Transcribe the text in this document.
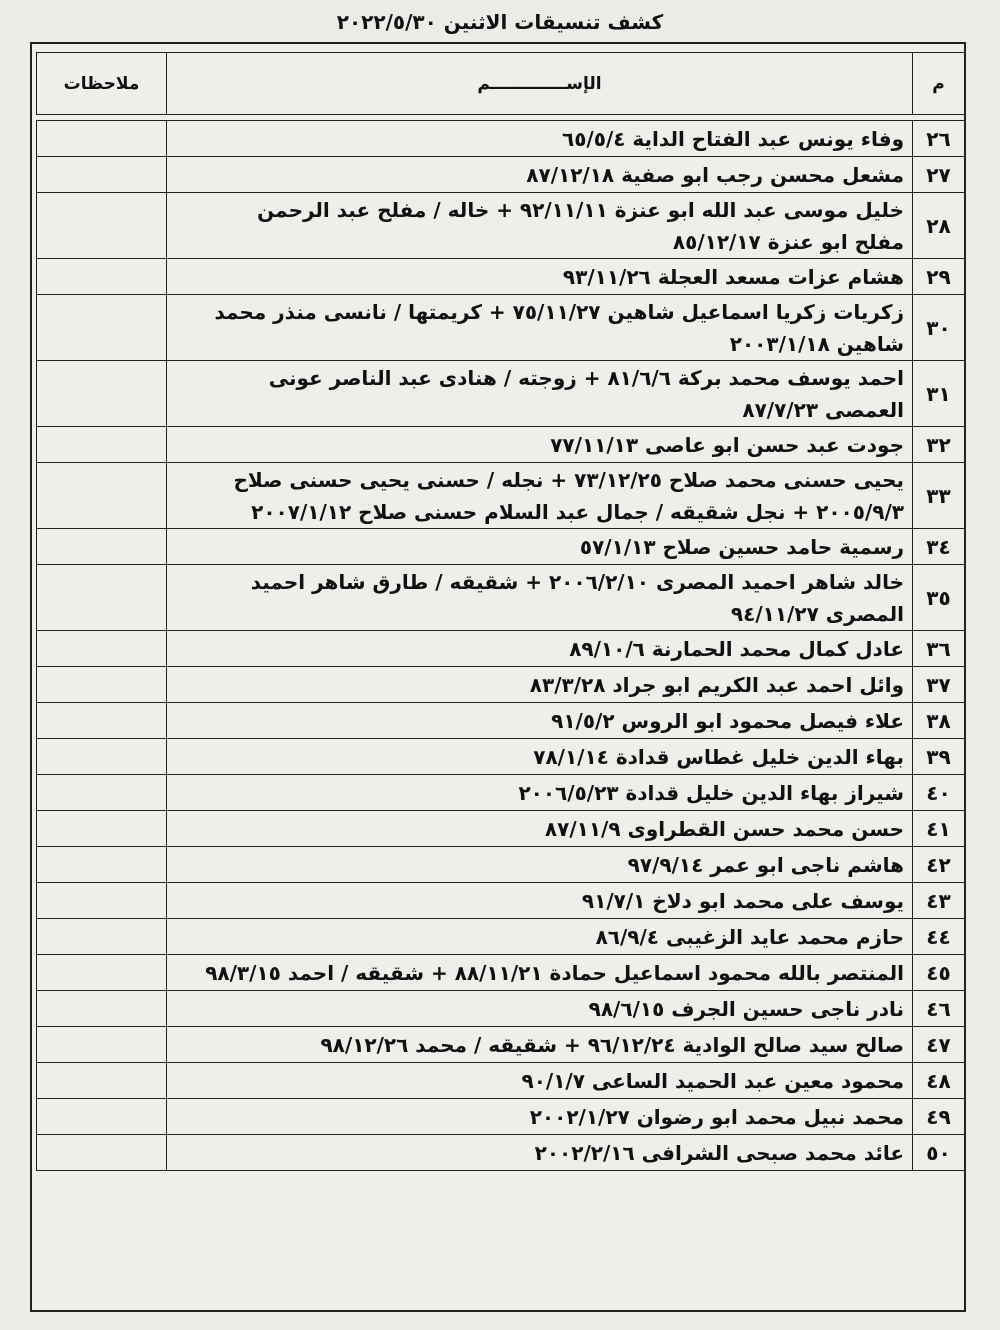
كشف تنسيقات الاثنين ٢٠٢٢/٥/٣٠
م	الإســـــــــــــم	ملاحظات

٢٦	وفاء يونس عبد الفتاح الداية ٦٥/٥/٤	

٢٧	مشعل محسن رجب ابو صفية ٨٧/١٢/١٨	

٢٨	خليل موسى عبد الله ابو عنزة ٩٢/١١/١١ + خاله / مفلح عبد الرحمن
مفلح ابو عنزة ٨٥/١٢/١٧	

٢٩	هشام عزات مسعد العجلة ٩٣/١١/٢٦	

٣٠	زكريات زكريا اسماعيل شاهين ٧٥/١١/٢٧ + كريمتها / نانسى منذر محمد
شاهين ٢٠٠٣/١/١٨	

٣١	احمد يوسف محمد بركة ٨١/٦/٦ + زوجته / هنادى عبد الناصر عونى
العمصى ٨٧/٧/٢٣	

٣٢	جودت عبد حسن ابو عاصى ٧٧/١١/١٣	

٣٣	يحيى حسنى محمد صلاح ٧٣/١٢/٢٥ + نجله / حسنى يحيى حسنى صلاح
٢٠٠٥/٩/٣ + نجل شقيقه / جمال عبد السلام حسنى صلاح ٢٠٠٧/١/١٢	

٣٤	رسمية حامد حسين صلاح ٥٧/١/١٣	

٣٥	خالد شاهر احميد المصرى ٢٠٠٦/٢/١٠ + شقيقه / طارق شاهر احميد
المصرى ٩٤/١١/٢٧	

٣٦	عادل كمال محمد الحمارنة ٨٩/١٠/٦	

٣٧	وائل احمد عبد الكريم ابو جراد ٨٣/٣/٢٨	

٣٨	علاء فيصل محمود ابو الروس ٩١/٥/٢	

٣٩	بهاء الدين خليل غطاس قدادة ٧٨/١/١٤	

٤٠	شيراز بهاء الدين خليل قدادة ٢٠٠٦/٥/٢٣	

٤١	حسن محمد حسن القطراوى ٨٧/١١/٩	

٤٢	هاشم ناجى ابو عمر ٩٧/٩/١٤	

٤٣	يوسف على محمد ابو دلاخ ٩١/٧/١	

٤٤	حازم محمد عايد الزغيبى ٨٦/٩/٤	

٤٥	المنتصر بالله محمود اسماعيل حمادة ٨٨/١١/٢١ + شقيقه / احمد ٩٨/٣/١٥	

٤٦	نادر ناجى حسين الجرف ٩٨/٦/١٥	

٤٧	صالح سيد صالح الوادية ٩٦/١٢/٢٤ + شقيقه / محمد ٩٨/١٢/٢٦	

٤٨	محمود معين عبد الحميد الساعى ٩٠/١/٧	

٤٩	محمد نبيل محمد ابو رضوان ٢٠٠٢/١/٢٧	

٥٠	عائد محمد صبحى الشرافى ٢٠٠٢/٢/١٦	
